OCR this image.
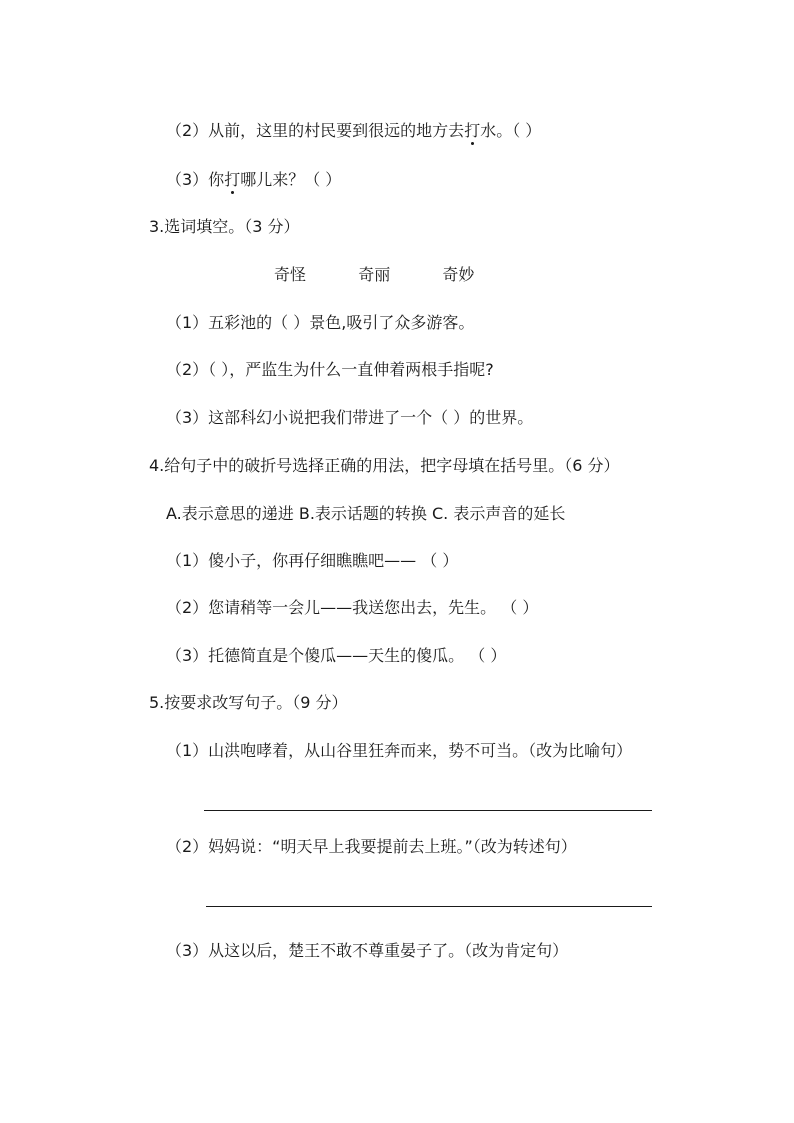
（2）从前，这里的村民要到很远的地方去打水。（ ）
（3）你打哪儿来？（ ）
3.选词填空。（3 分）
奇怪	奇丽	奇妙
（1）五彩池的（ ）景色,吸引了众多游客。
（2）（ ），严监生为什么一直伸着两根手指呢?
（3）这部科幻小说把我们带进了一个（ ）的世界。
4.给句子中的破折号选择正确的用法，把字母填在括号里。（6 分）
A.表示意思的递进 B.表示话题的转换 C. 表示声音的延长
（1）傻小子，你再仔细瞧瞧吧—— （ ）
（2）您请稍等一会儿——我送您出去，先生。 （ ）
（3）托德简直是个傻瓜——天生的傻瓜。 （ ）
5.按要求改写句子。（9 分）
（1）山洪咆哮着，从山谷里狂奔而来，势不可当。（改为比喻句）
（2）妈妈说：“明天早上我要提前去上班。”（改为转述句）
（3）从这以后，楚王不敢不尊重晏子了。（改为肯定句）
